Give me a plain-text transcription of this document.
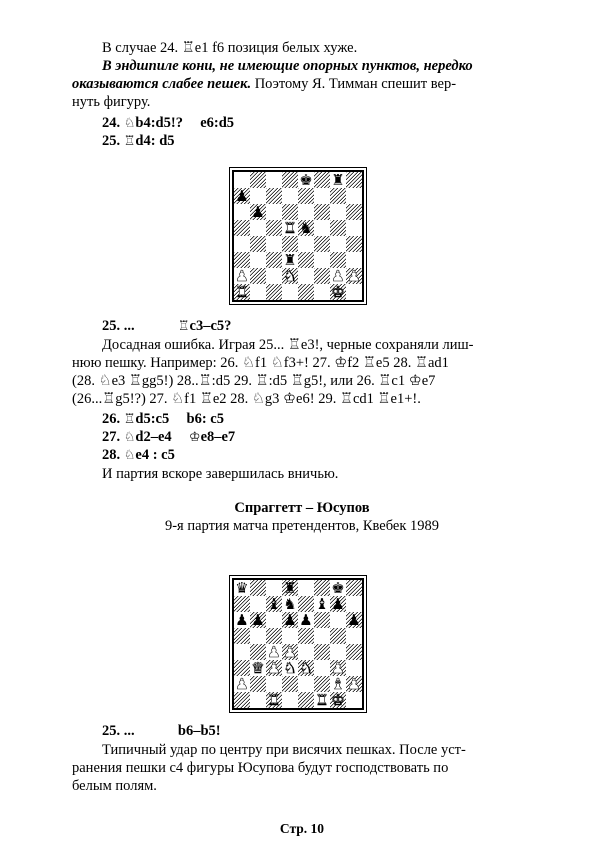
В случае 24. ♖e1 f6 позиция белых хуже.
В эндшпиле кони, не имеющие опорных пунктов, нередко
оказываются слабее пешек. Поэтому Я. Тимман спешит вер-
нуть фигуру.
24. ♘b4:d5!? e6:d5
25. ♖d4: d5
♚ ♜
♟
♟
♜ ♞
♜
♟ ♞ ♟ ♟
♜	♚
25. ...	♖c3–c5?
Досадная ошибка. Играя 25... ♖e3!, черные сохраняли лиш-
нюю пешку. Например: 26. ♘f1 ♘f3+! 27. ♔f2 ♖e5 28. ♖ad1
(28. ♘e3 ♖gg5!) 28..♖:d5 29. ♖:d5 ♖g5!, или 26. ♖c1 ♔e7
(26...♖g5!?) 27. ♘f1 ♖e2 28. ♘g3 ♔e6! 29. ♖cd1 ♖e1+!.
26. ♖d5:c5 b6: c5
27. ♘d2–e4 ♔e8–e7
28. ♘e4 : c5
И партия вскоре завершилась вничью.
Спраггетт – Юсупов
9-я партия матча претендентов, Квебек 1989
♛ ♜ ♚
♝ ♞ ♝ ♟
♟ ♟ ♟ ♟ ♟
♟ ♟
♛ ♟ ♞ ♞ ♟
♟	♝ ♟
♜ ♜ ♚
25. ...	b6–b5!
Типичный удар по центру при висячих пешках. После уст-
ранения пешки с4 фигуры Юсупова будут господствовать по
белым полям.
Стр. 10
